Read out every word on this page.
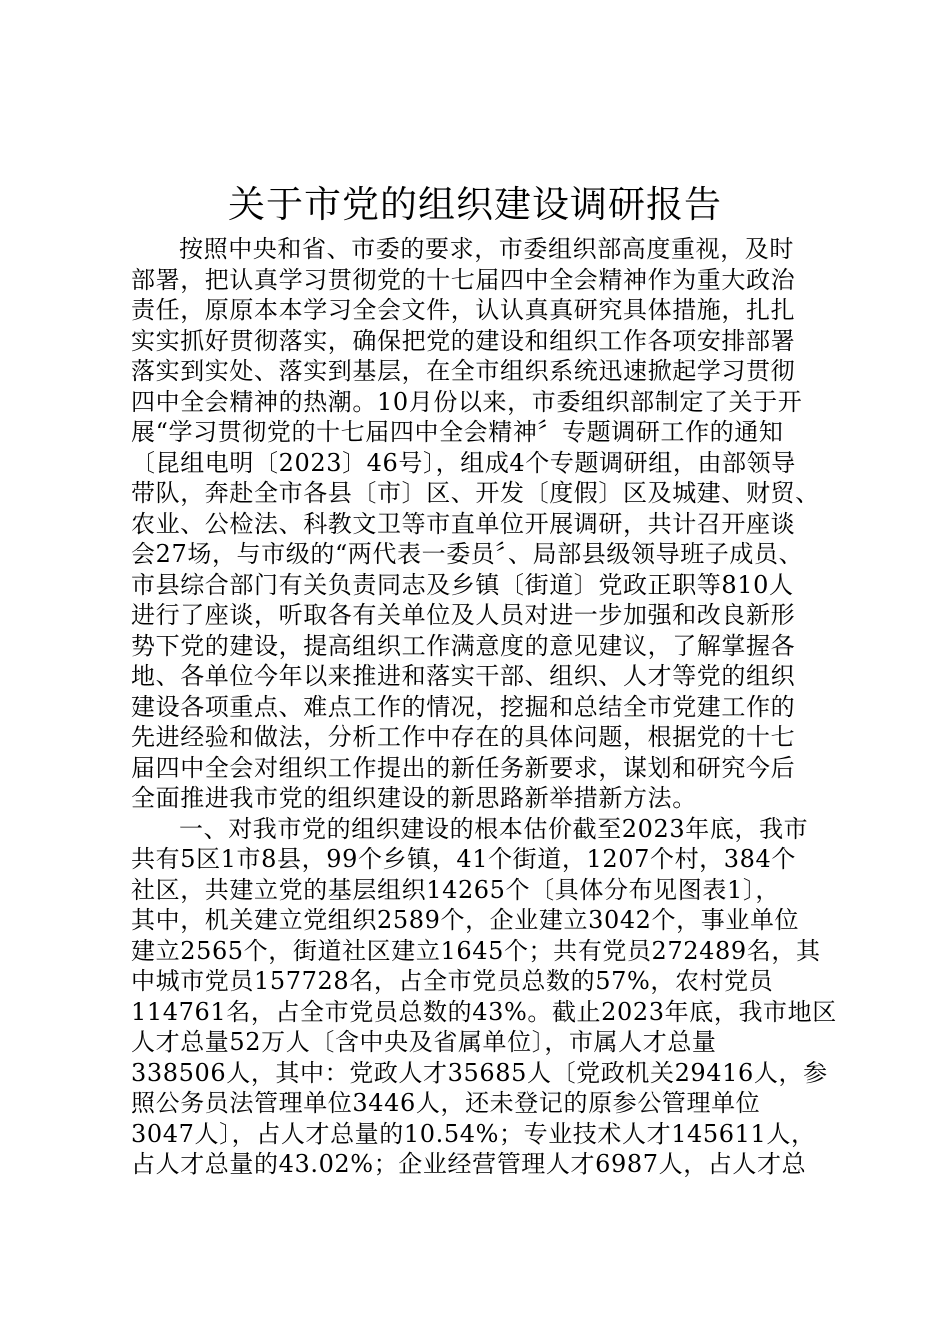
关于市党的组织建设调研报告

按照中央和省、市委的要求，市委组织部高度重视，及时
部署，把认真学习贯彻党的十七届四中全会精神作为重大政治
责任，原原本本学习全会文件，认认真真研究具体措施，扎扎
实实抓好贯彻落实，确保把党的建设和组织工作各项安排部署
落实到实处、落实到基层，在全市组织系统迅速掀起学习贯彻
四中全会精神的热潮。10月份以来，市委组织部制定了关于开
展“学习贯彻党的十七届四中全会精神〞专题调研工作的通知
〔昆组电明〔2023〕46号〕，组成4个专题调研组，由部领导
带队，奔赴全市各县〔市〕区、开发〔度假〕区及城建、财贸、
农业、公检法、科教文卫等市直单位开展调研，共计召开座谈
会27场，与市级的“两代表一委员〞、局部县级领导班子成员、
市县综合部门有关负责同志及乡镇〔街道〕党政正职等810人
进行了座谈，听取各有关单位及人员对进一步加强和改良新形
势下党的建设，提高组织工作满意度的意见建议，了解掌握各
地、各单位今年以来推进和落实干部、组织、人才等党的组织
建设各项重点、难点工作的情况，挖掘和总结全市党建工作的
先进经验和做法，分析工作中存在的具体问题，根据党的十七
届四中全会对组织工作提出的新任务新要求，谋划和研究今后
全面推进我市党的组织建设的新思路新举措新方法。

一、对我市党的组织建设的根本估价截至2023年底，我市
共有5区1市8县，99个乡镇，41个街道，1207个村，384个
社区，共建立党的基层组织14265个〔具体分布见图表1〕，
其中，机关建立党组织2589个，企业建立3042个，事业单位
建立2565个，街道社区建立1645个；共有党员272489名，其
中城市党员157728名，占全市党员总数的57%，农村党员
114761名，占全市党员总数的43%。截止2023年底，我市地区
人才总量52万人〔含中央及省属单位〕，市属人才总量
338506人，其中：党政人才35685人〔党政机关29416人，参
照公务员法管理单位3446人，还未登记的原参公管理单位
3047人〕，占人才总量的10.54%；专业技术人才145611人，
占人才总量的43.02%；企业经营管理人才6987人，占人才总
